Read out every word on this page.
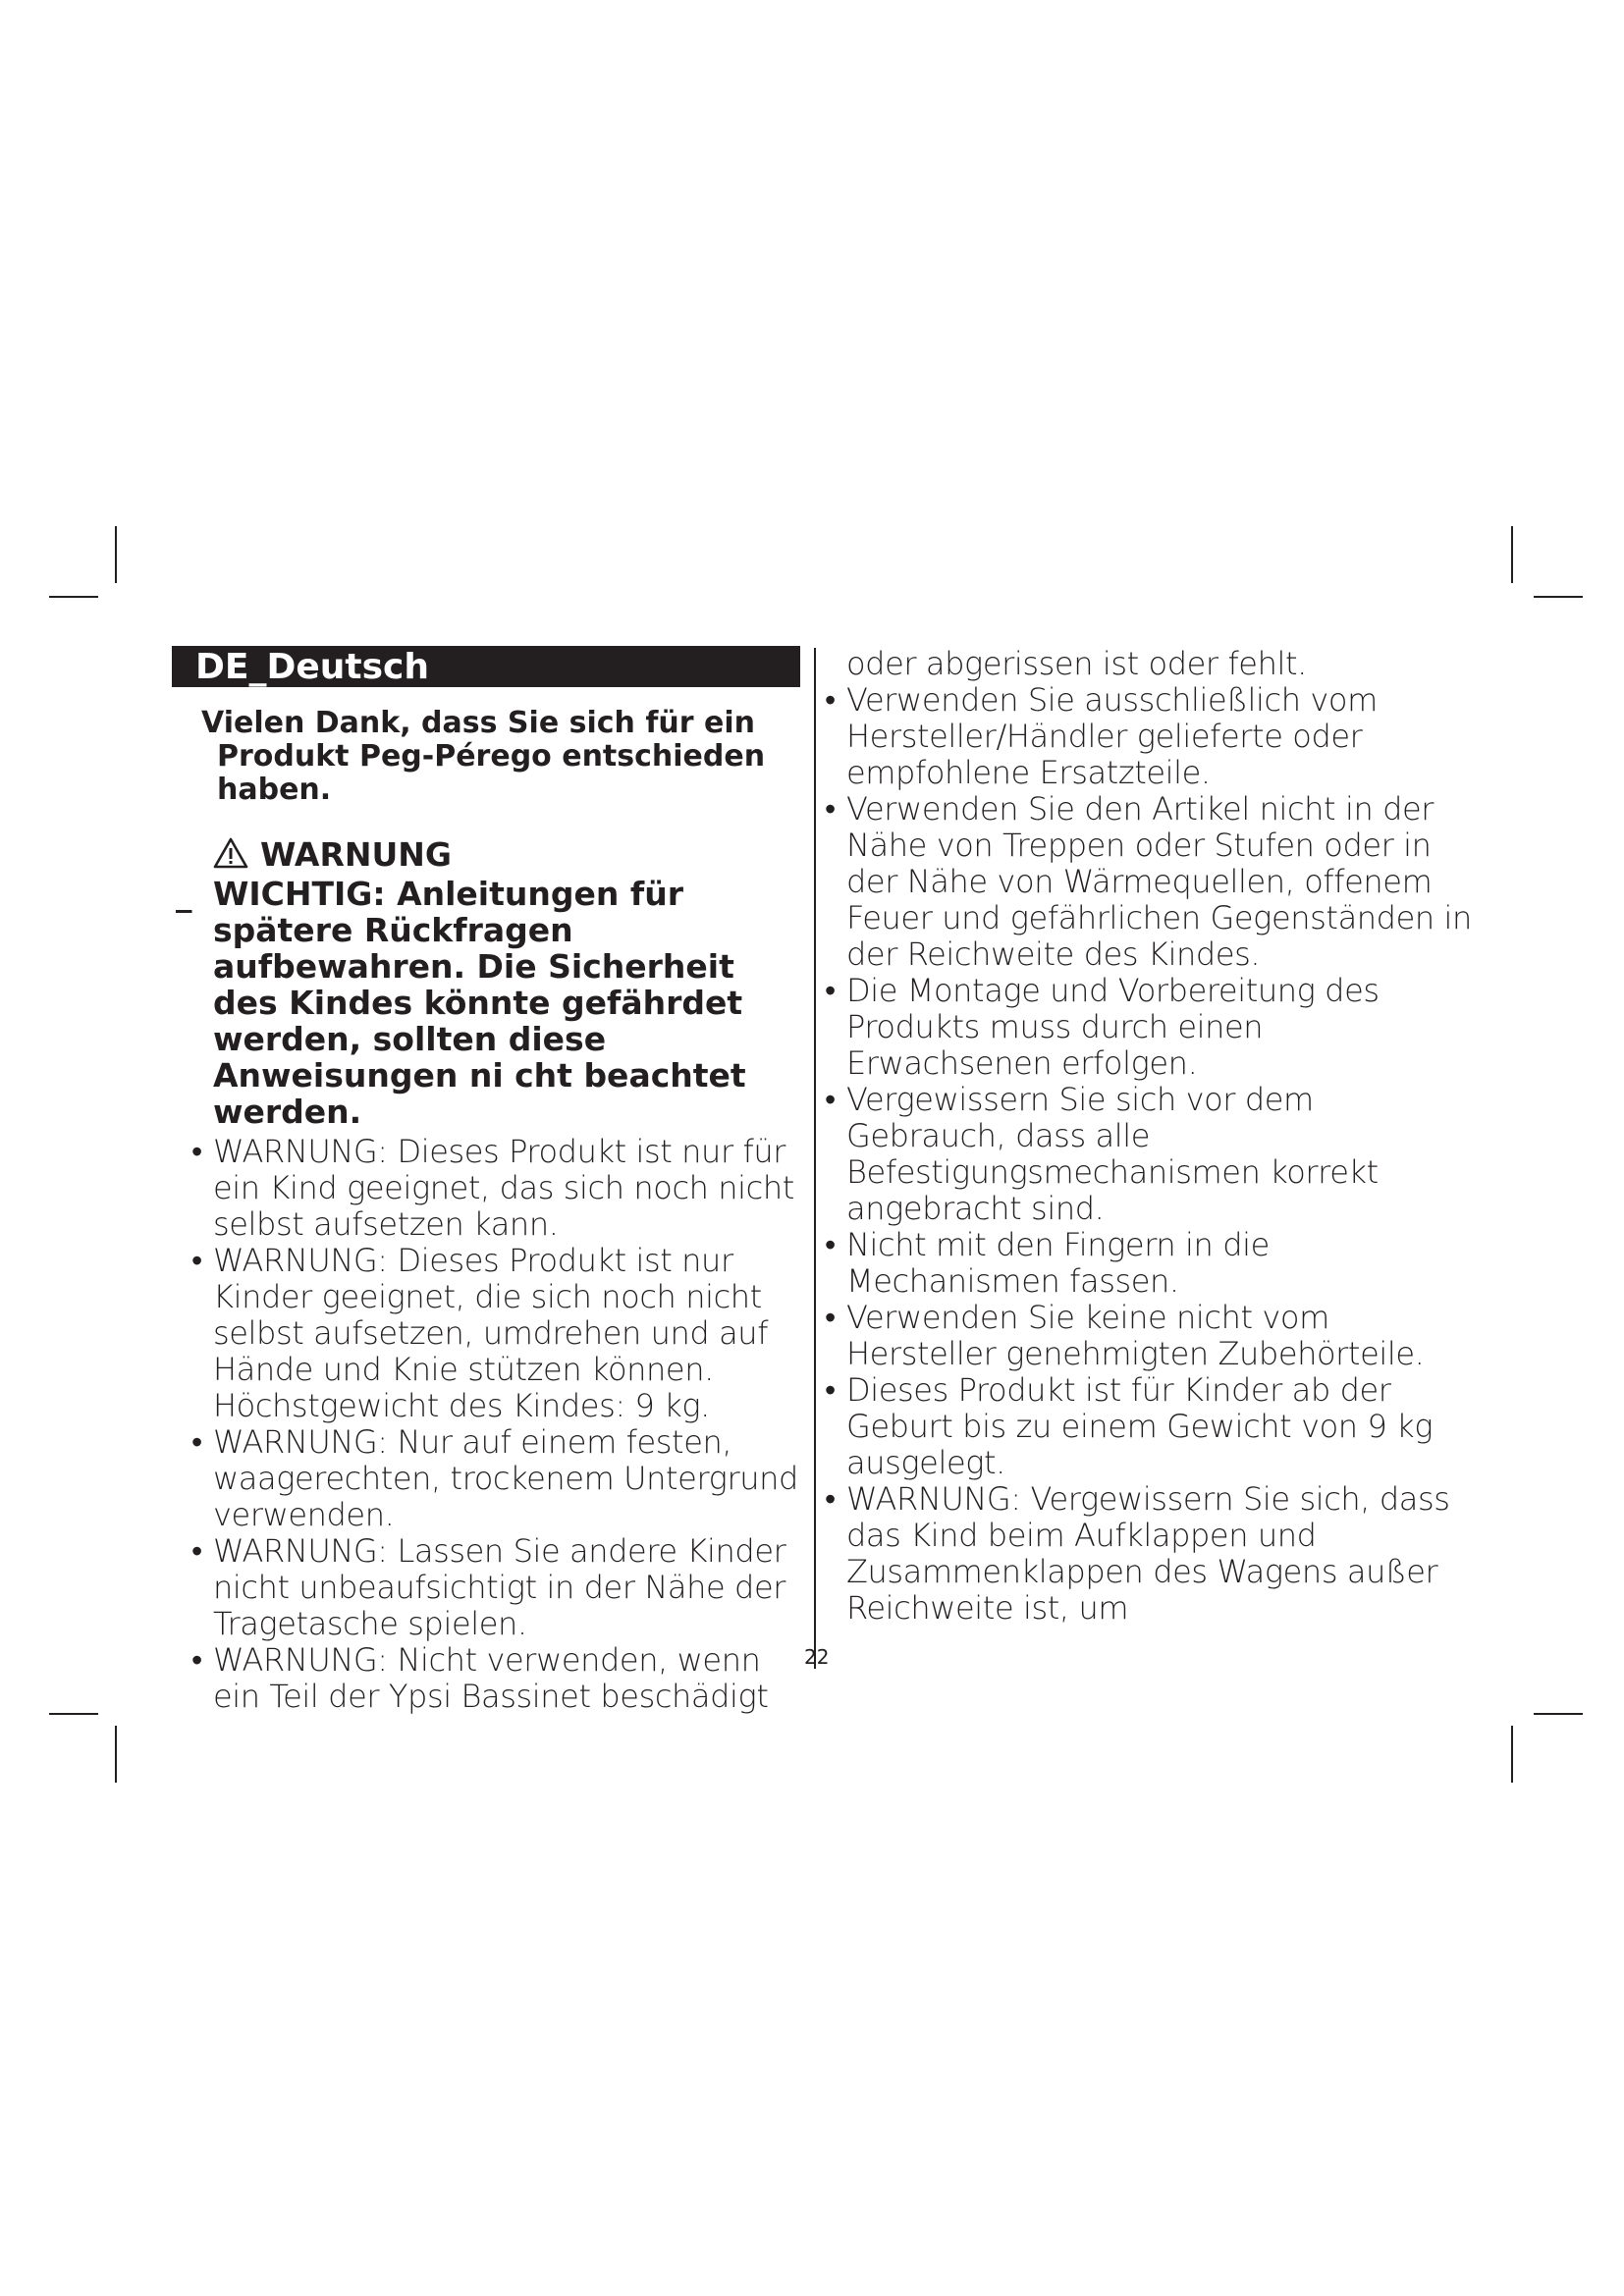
DE_Deutsch

Vielen Dank, dass Sie sich für ein Produkt Peg-Pérego entschieden haben.

WARNUNG
_ WICHTIG: Anleitungen für spätere Rückfragen aufbewahren. Die Sicherheit des Kindes könnte gefährdet werden, sollten diese Anweisungen ni cht beachtet werden.
• WARNUNG: Dieses Produkt ist nur für ein Kind geeignet, das sich noch nicht selbst aufsetzen kann.
• WARNUNG: Dieses Produkt ist nur Kinder geeignet, die sich noch nicht selbst aufsetzen, umdrehen und auf Hände und Knie stützen können. Höchstgewicht des Kindes: 9 kg.
• WARNUNG: Nur auf einem festen, waagerechten, trockenem Untergrund verwenden.
• WARNUNG: Lassen Sie andere Kinder nicht unbeaufsichtigt in der Nähe der Tragetasche spielen.
• WARNUNG: Nicht verwenden, wenn ein Teil der Ypsi Bassinet beschädigt
22
oder abgerissen ist oder fehlt.
• Verwenden Sie ausschließlich vom Hersteller/Händler gelieferte oder empfohlene Ersatzteile.
• Verwenden Sie den Artikel nicht in der Nähe von Treppen oder Stufen oder in der Nähe von Wärmequellen, offenem Feuer und gefährlichen Gegenständen in der Reichweite des Kindes.
• Die Montage und Vorbereitung des Produkts muss durch einen Erwachsenen erfolgen.
• Vergewissern Sie sich vor dem Gebrauch, dass alle Befestigungsmechanismen korrekt angebracht sind.
• Nicht mit den Fingern in die Mechanismen fassen.
• Verwenden Sie keine nicht vom Hersteller genehmigten Zubehörteile.
• Dieses Produkt ist für Kinder ab der Geburt bis zu einem Gewicht von 9 kg ausgelegt.
• WARNUNG: Vergewissern Sie sich, dass das Kind beim Aufklappen und Zusammenklappen des Wagens außer Reichweite ist, um
